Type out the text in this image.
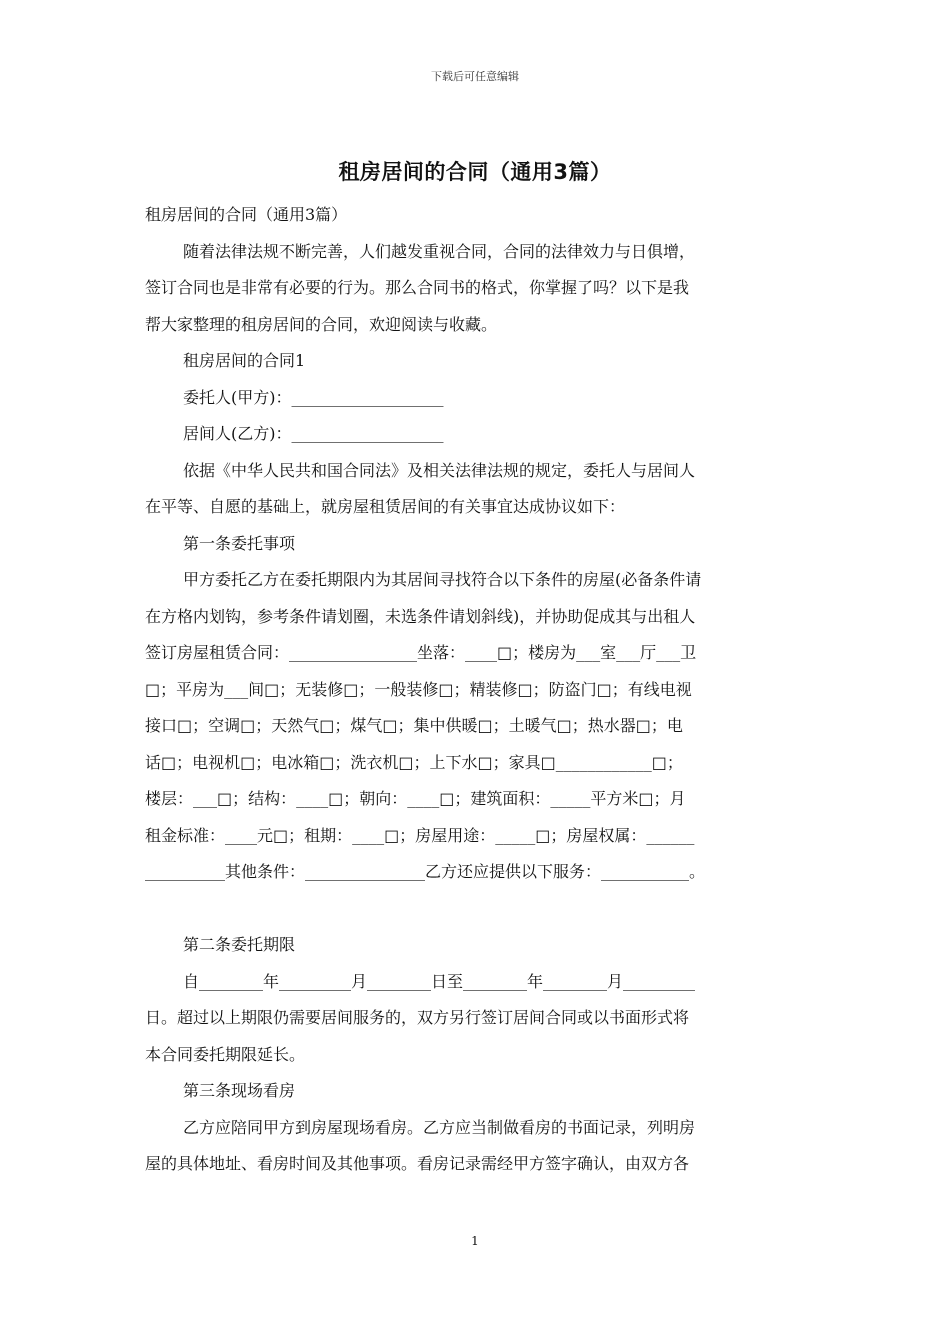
下载后可任意编辑
租房居间的合同（通用3篇）
租房居间的合同（通用3篇）
随着法律法规不断完善，人们越发重视合同，合同的法律效力与日俱增，
签订合同也是非常有必要的行为。那么合同书的格式，你掌握了吗？以下是我
帮大家整理的租房居间的合同，欢迎阅读与收藏。
租房居间的合同1
委托人(甲方)：___________________
居间人(乙方)：___________________
依据《中华人民共和国合同法》及相关法律法规的规定，委托人与居间人
在平等、自愿的基础上，就房屋租赁居间的有关事宜达成协议如下：
第一条委托事项
甲方委托乙方在委托期限内为其居间寻找符合以下条件的房屋(必备条件请
在方格内划钩，参考条件请划圈，未选条件请划斜线)，并协助促成其与出租人
签订房屋租赁合同：________________坐落：____□；楼房为___室___厅___卫
□；平房为___间□；无装修□；一般装修□；精装修□；防盗门□；有线电视
接口□；空调□；天然气□；煤气□；集中供暖□；土暖气□；热水器□；电
话□；电视机□；电冰箱□；洗衣机□；上下水□；家具□____________□；
楼层：___□；结构：____□；朝向：____□；建筑面积：_____平方米□；月
租金标准：____元□；租期：____□；房屋用途：_____□；房屋权属：______
__________其他条件：_______________乙方还应提供以下服务：___________。
第二条委托期限
自________年_________月________日至________年________月_________
日。超过以上期限仍需要居间服务的，双方另行签订居间合同或以书面形式将
本合同委托期限延长。
第三条现场看房
乙方应陪同甲方到房屋现场看房。乙方应当制做看房的书面记录，列明房
屋的具体地址、看房时间及其他事项。看房记录需经甲方签字确认，由双方各
1
